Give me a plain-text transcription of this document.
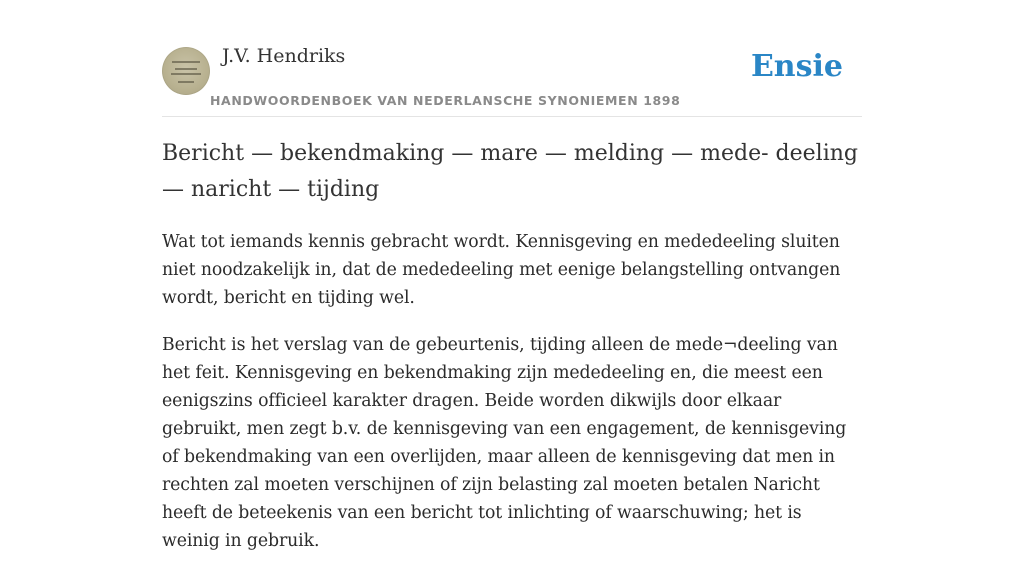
J.V. Hendriks
HANDWOORDENBOEK VAN NEDERLANSCHE SYNONIEMEN 1898
Ensie
Bericht — bekendmaking — mare — melding — mede- deeling — naricht — tijding

Wat tot iemands kennis gebracht wordt. Kennisgeving en mededeeling sluiten niet noodzakelijk in, dat de mededeeling met eenige belangstelling ontvangen wordt, bericht en tijding wel.

Bericht is het verslag van de gebeurtenis, tijding alleen de mede¬deeling van het feit. Kennisgeving en bekendmaking zijn mededeeling en, die meest een eenigszins officieel karakter dragen. Beide worden dikwijls door elkaar gebruikt, men zegt b.v. de kennisgeving van een engagement, de kennisgeving of bekendmaking van een overlijden, maar alleen de kennisgeving dat men in rechten zal moeten verschijnen of zijn belasting zal moeten betalen Naricht heeft de beteekenis van een bericht tot inlichting of waarschuwing; het is weinig in gebruik.
